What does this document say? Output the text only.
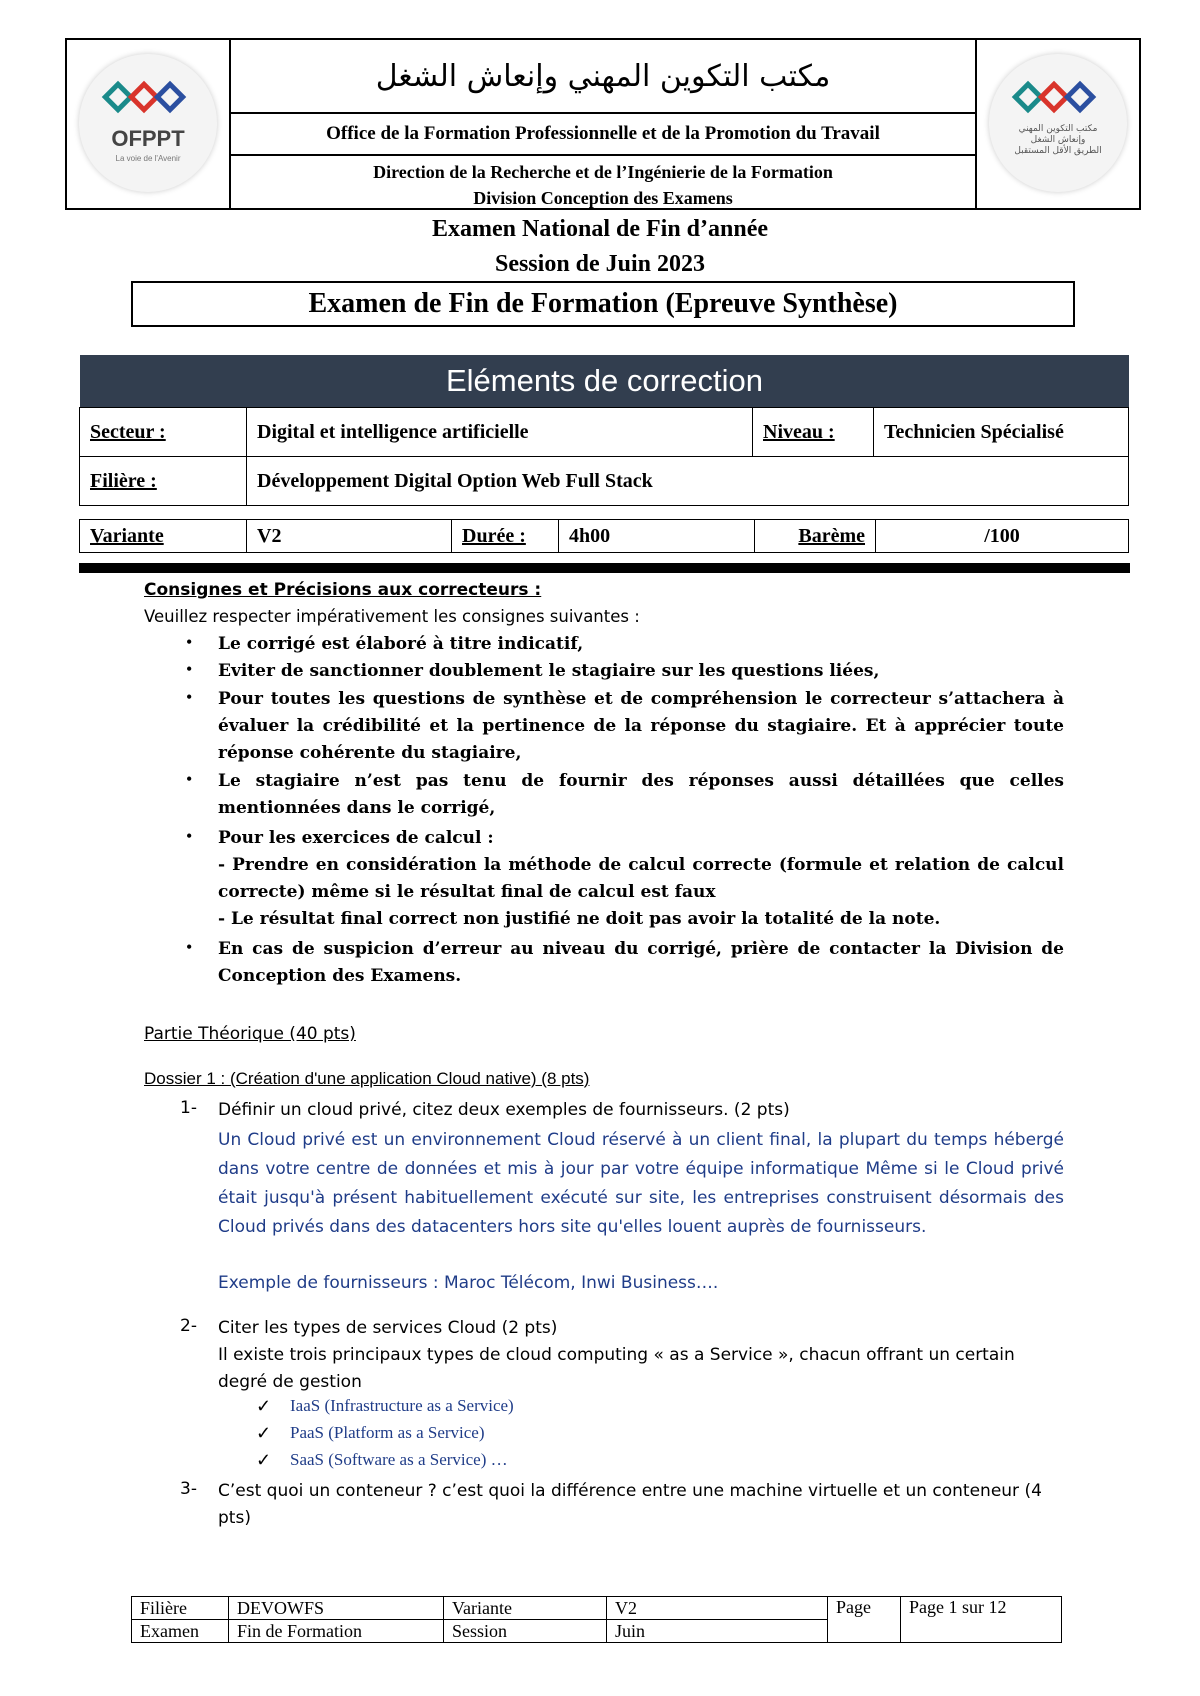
OFPPT
La voie de l'Avenir
مكتب التكوين المهني وإنعاش الشغل
Office de la Formation Professionnelle et de la Promotion du Travail
Direction de la Recherche et de l’Ingénierie de la Formation
Division Conception des Examens
مكتب التكوين المهني
وإنعاش الشغل
الطريق الأقل المستقبل
Examen National de Fin d’année
Session de Juin 2023
Examen de Fin de Formation (Epreuve Synthèse)
Eléments de correction
Secteur :	Digital et intelligence artificielle	Niveau :	Technicien Spécialisé
Filière :	Développement Digital Option Web Full Stack		
Variante	V2	Durée :	4h00	Barème	/100
Consignes et Précisions aux correcteurs :
Veuillez respecter impérativement les consignes suivantes :
• Le corrigé est élaboré à titre indicatif,
• Eviter de sanctionner doublement le stagiaire sur les questions liées,
• Pour toutes les questions de synthèse et de compréhension le correcteur s’attachera à évaluer la crédibilité et la pertinence de la réponse du stagiaire. Et à apprécier toute réponse cohérente du stagiaire,
• Le stagiaire n’est pas tenu de fournir des réponses aussi détaillées que celles mentionnées dans le corrigé,
• Pour les exercices de calcul :
- Prendre en considération la méthode de calcul correcte (formule et relation de calcul correcte) même si le résultat final de calcul est faux
- Le résultat final correct non justifié ne doit pas avoir la totalité de la note.
• En cas de suspicion d’erreur au niveau du corrigé, prière de contacter la Division de Conception des Examens.
Partie Théorique (40 pts)
Dossier 1 : (Création d'une application Cloud native) (8 pts)
1- Définir un cloud privé, citez deux exemples de fournisseurs. (2 pts)
Un Cloud privé est un environnement Cloud réservé à un client final, la plupart du temps hébergé dans votre centre de données et mis à jour par votre équipe informatique Même si le Cloud privé était jusqu'à présent habituellement exécuté sur site, les entreprises construisent désormais des Cloud privés dans des datacenters hors site qu'elles louent auprès de fournisseurs.
Exemple de fournisseurs : Maroc Télécom, Inwi Business….
2- Citer les types de services Cloud (2 pts)
Il existe trois principaux types de cloud computing « as a Service », chacun offrant un certain degré de gestion
✓ IaaS (Infrastructure as a Service)
✓ PaaS (Platform as a Service)
✓ SaaS (Software as a Service) …
3- C’est quoi un conteneur ? c’est quoi la différence entre une machine virtuelle et un conteneur (4 pts)
Filière	DEVOWFS	Variante	V2	Page	Page 1 sur 12
Examen	Fin de Formation	Session	Juin		
